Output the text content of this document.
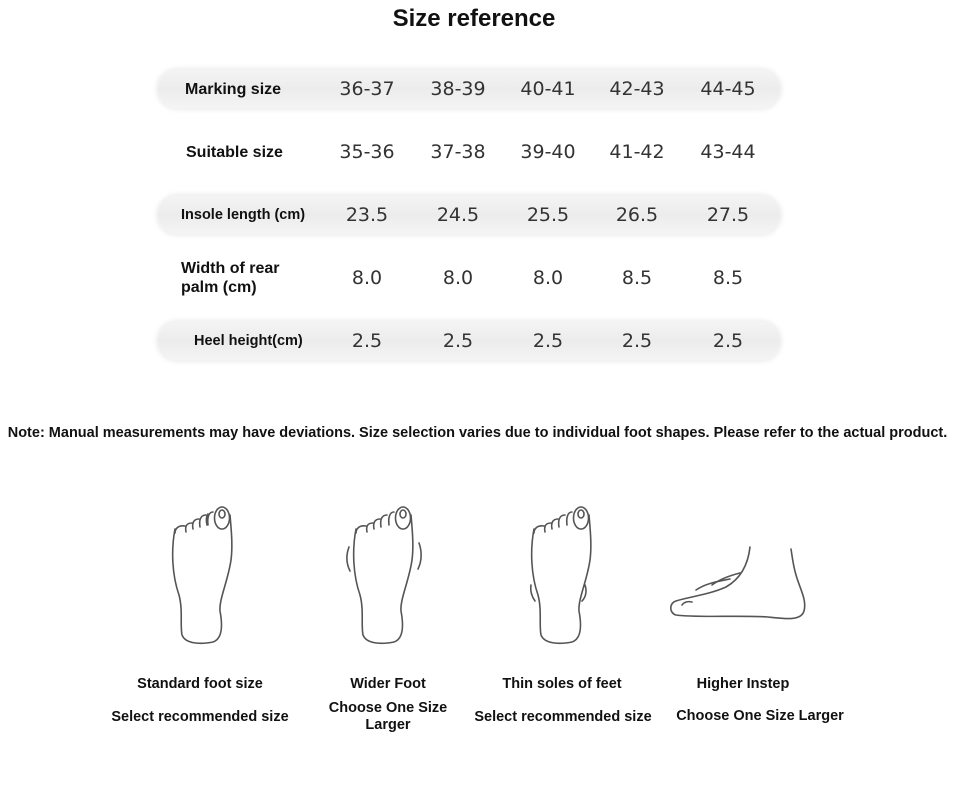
Size reference
Marking size	36-37	38-39	40-41	42-43	44-45
Suitable size	35-36	37-38	39-40	41-42	43-44
Insole length (cm)	23.5	24.5	25.5	26.5	27.5
Width of rear palm (cm)	8.0	8.0	8.0	8.5	8.5
Heel height(cm)	2.5	2.5	2.5	2.5	2.5
Note: Manual measurements may have deviations. Size selection varies due to individual foot shapes. Please refer to the actual product.
Standard foot size
Select recommended size
Wider Foot
Choose One Size Larger
Thin soles of feet
Select recommended size
Higher Instep
Choose One Size Larger
